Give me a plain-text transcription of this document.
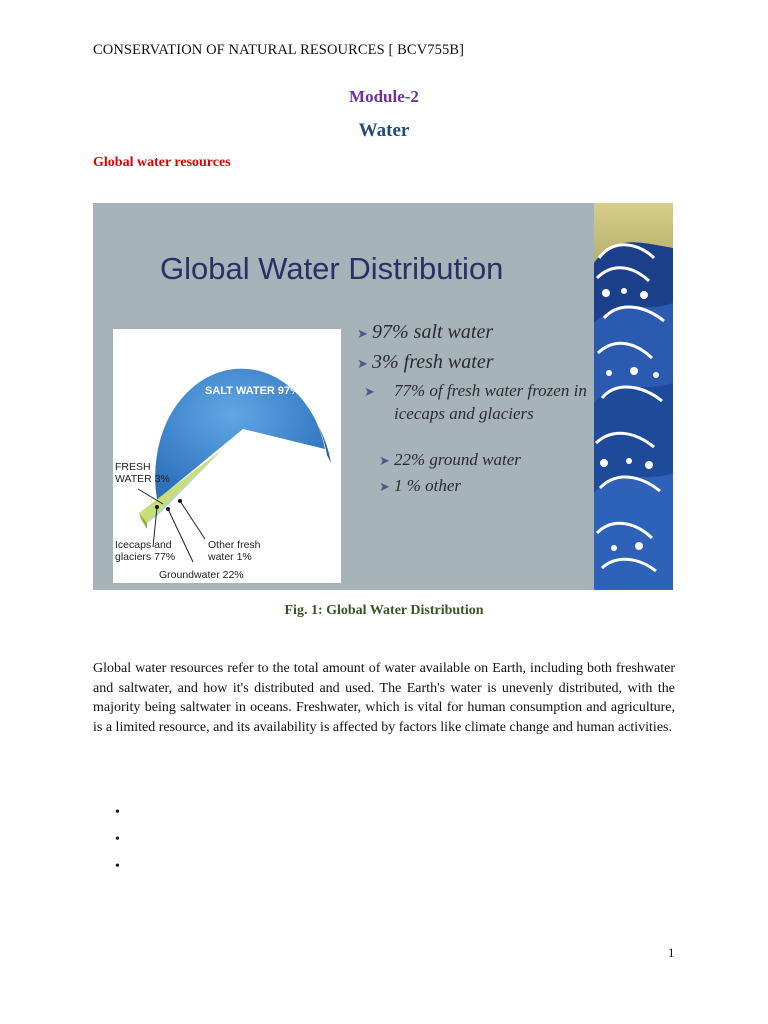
CONSERVATION OF NATURAL RESOURCES [ BCV755B]
Module-2
Water
Global water resources
Global Water Distribution
SALT WATER 97%
FRESH
WATER 3%
Icecaps and
glaciers 77%
Other fresh
water 1%
Groundwater 22%
➤ 97% salt water
➤ 3% fresh water
➤ 77% of fresh water frozen in icecaps and glaciers
➤ 22% ground water
➤ 1 % other
Fig. 1: Global Water Distribution
Global water resources refer to the total amount of water available on Earth, including both freshwater and saltwater, and how it's distributed and used. The Earth's water is unevenly distributed, with the majority being saltwater in oceans. Freshwater, which is vital for human consumption and agriculture, is a limited resource, and its availability is affected by factors like climate change and human activities.
•
•
•
1
